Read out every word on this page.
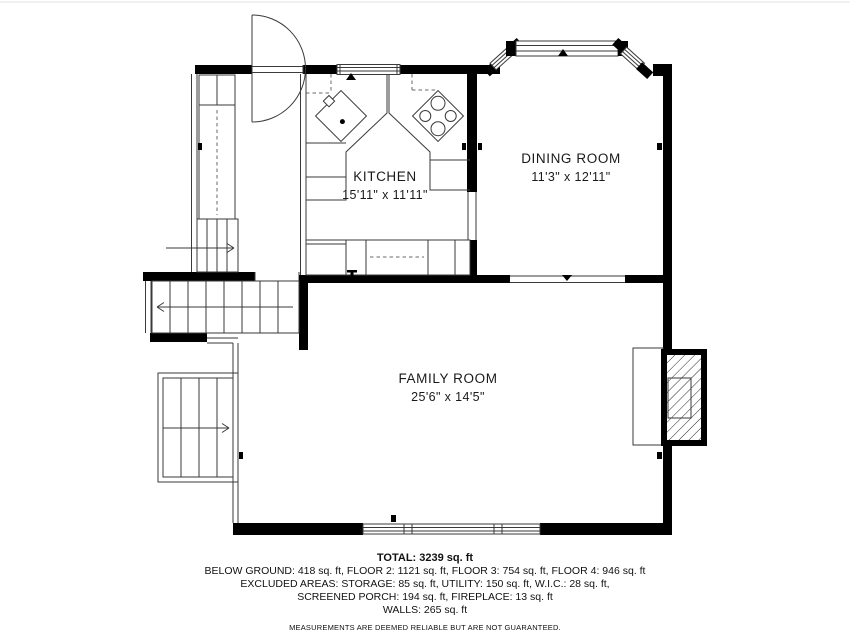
KITCHEN
15'11" x 11'11"
DINING ROOM
11'3" x 12'11"
FAMILY ROOM
25'6" x 14'5"
TOTAL: 3239 sq. ft
BELOW GROUND: 418 sq. ft, FLOOR 2: 1121 sq. ft, FLOOR 3: 754 sq. ft, FLOOR 4: 946 sq. ft
EXCLUDED AREAS: STORAGE: 85 sq. ft, UTILITY: 150 sq. ft, W.I.C.: 28 sq. ft,
SCREENED PORCH: 194 sq. ft, FIREPLACE: 13 sq. ft
WALLS: 265 sq. ft
MEASUREMENTS ARE DEEMED RELIABLE BUT ARE NOT GUARANTEED.
